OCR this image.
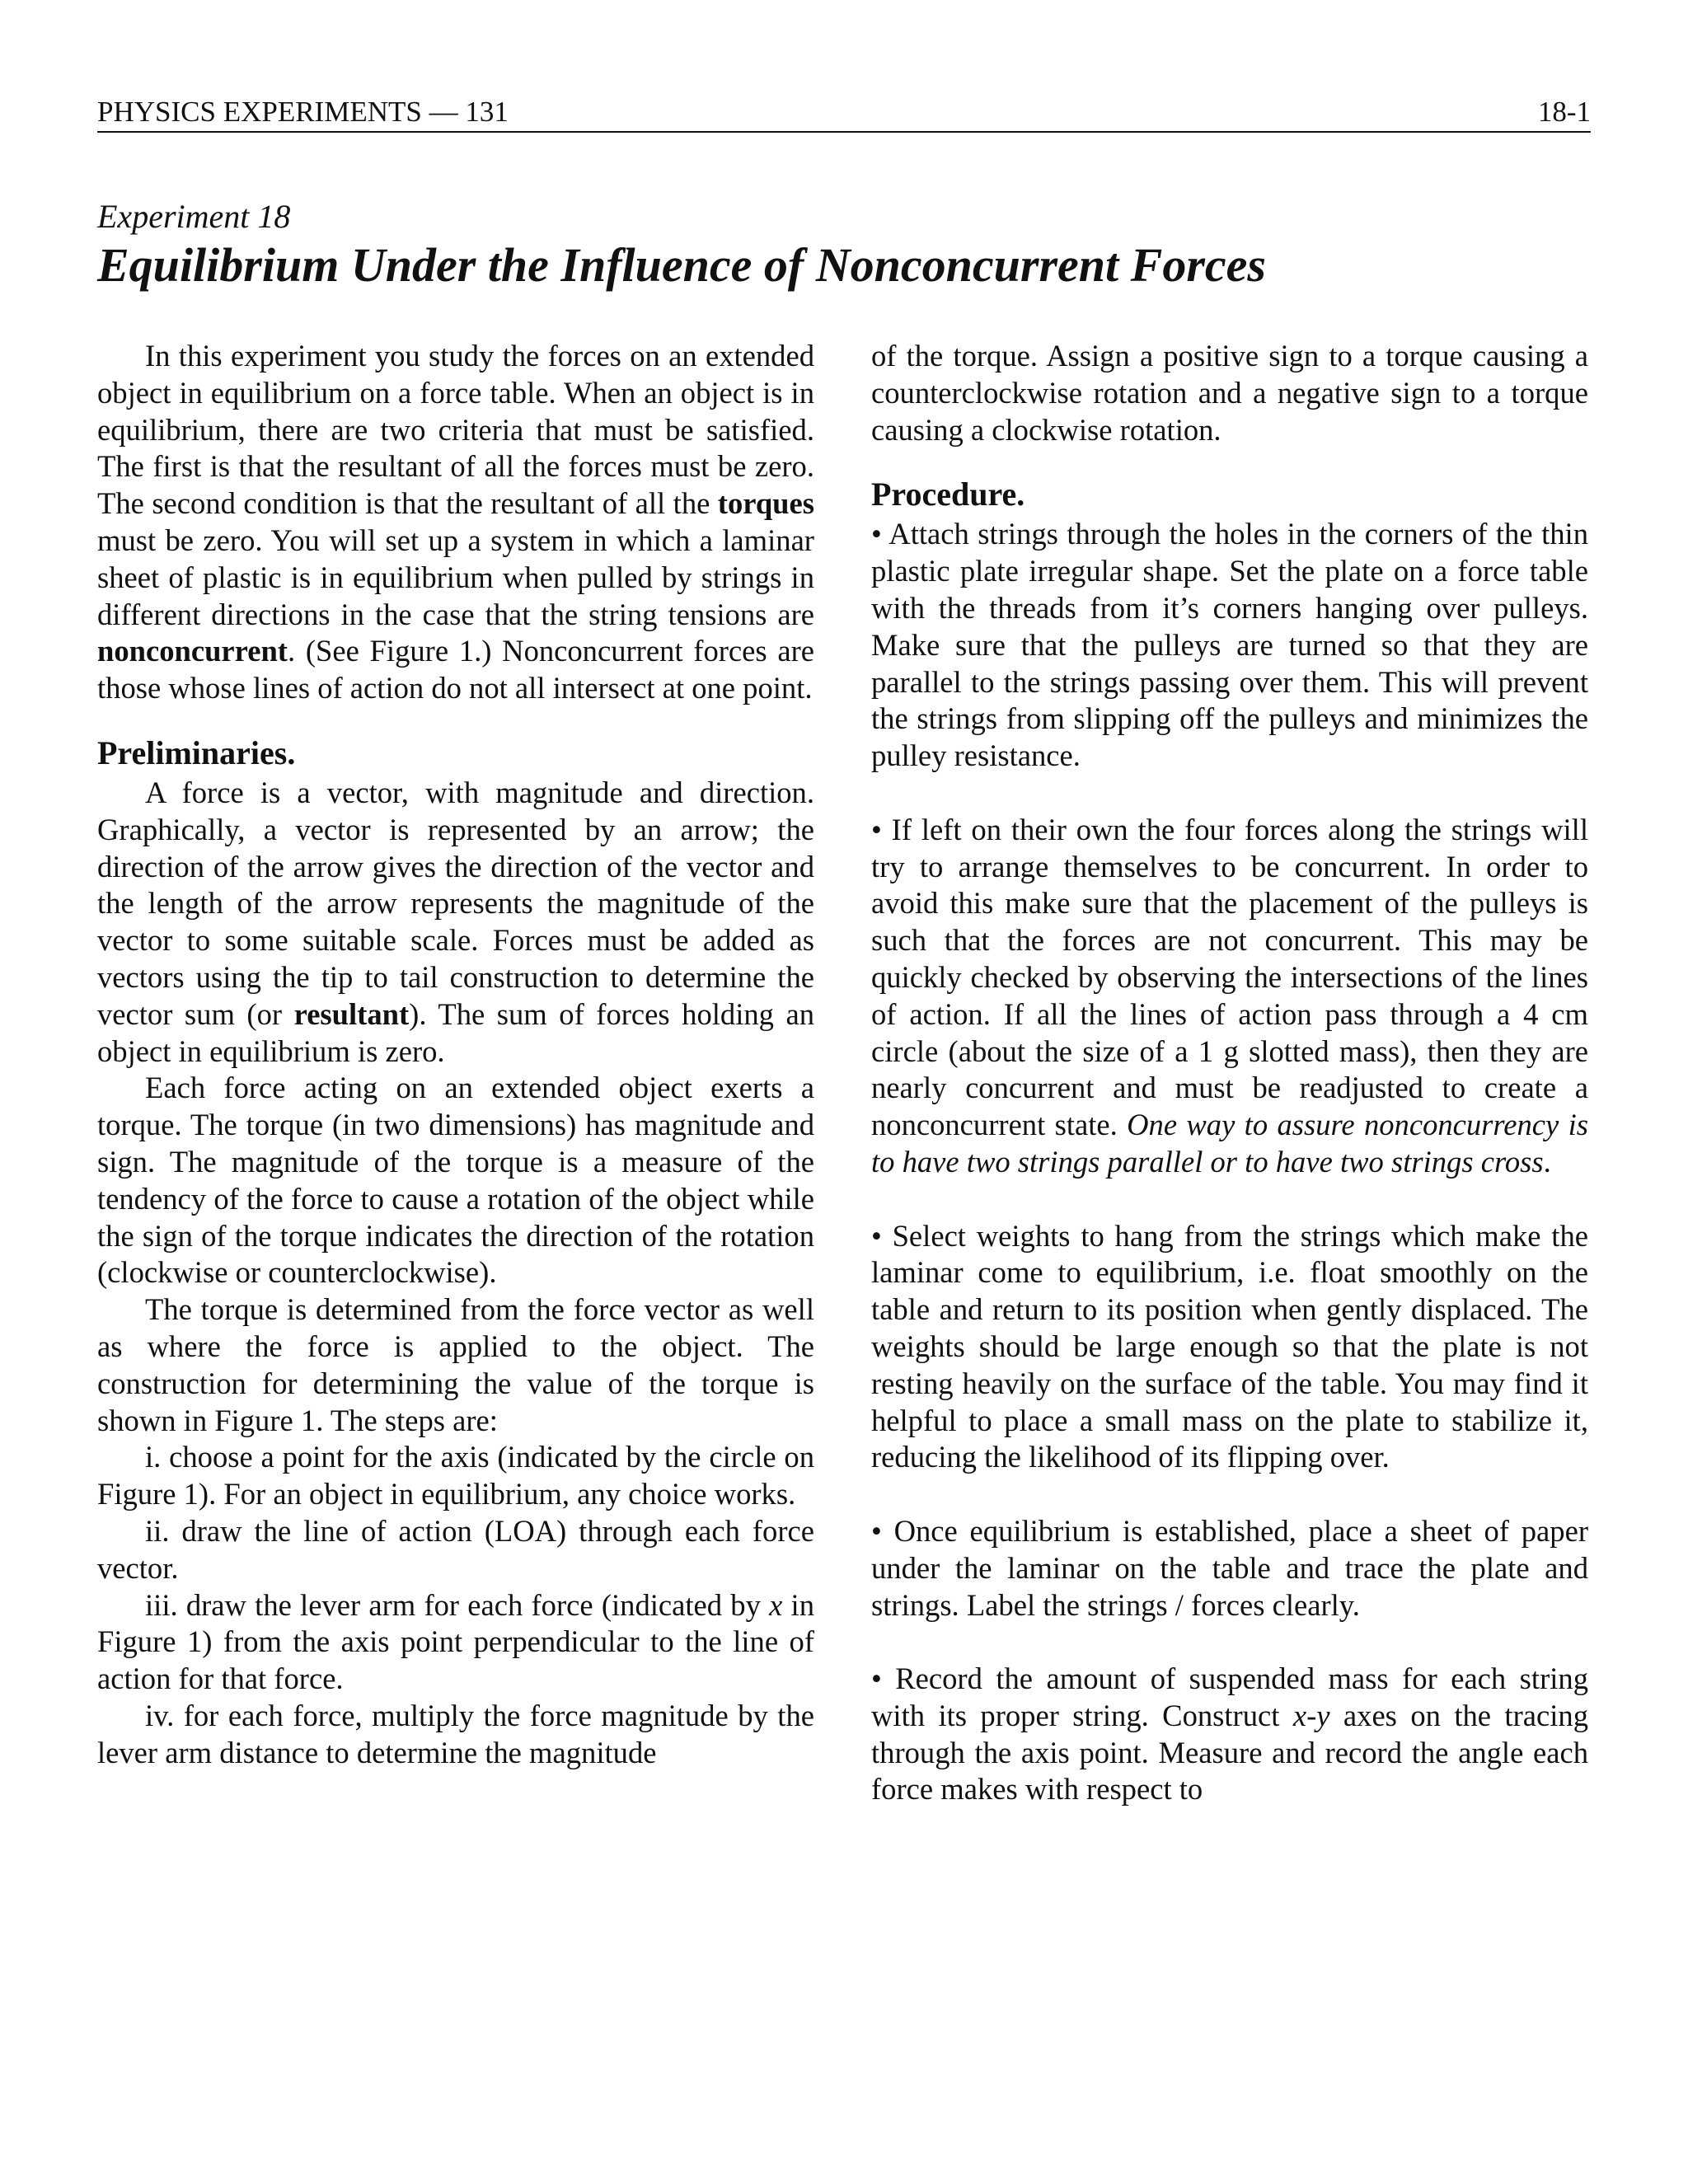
PHYSICS EXPERIMENTS — 131	18-1
Experiment 18
Equilibrium Under the Influence of Nonconcurrent Forces

In this experiment you study the forces on an extended object in equilibrium on a force table. When an object is in equilibrium, there are two criteria that must be satisfied. The first is that the resultant of all the forces must be zero. The second condition is that the resultant of all the torques must be zero. You will set up a system in which a laminar sheet of plastic is in equilibrium when pulled by strings in different directions in the case that the string tensions are nonconcurrent. (See Figure 1.) Nonconcurrent forces are those whose lines of action do not all intersect at one point.

Preliminaries.

A force is a vector, with magnitude and direction. Graphically, a vector is represented by an arrow; the direction of the arrow gives the direction of the vector and the length of the arrow represents the magnitude of the vector to some suitable scale. Forces must be added as vectors using the tip to tail construction to determine the vector sum (or resultant). The sum of forces holding an object in equilibrium is zero.

Each force acting on an extended object exerts a torque. The torque (in two dimensions) has magnitude and sign. The magnitude of the torque is a measure of the tendency of the force to cause a rotation of the object while the sign of the torque indicates the direction of the rotation (clockwise or counterclockwise).

The torque is determined from the force vector as well as where the force is applied to the object. The construction for determining the value of the torque is shown in Figure 1. The steps are:

i. choose a point for the axis (indicated by the circle on Figure 1). For an object in equilibrium, any choice works.

ii. draw the line of action (LOA) through each force vector.

iii. draw the lever arm for each force (indicated by x in Figure 1) from the axis point perpendicular to the line of action for that force.

iv. for each force, multiply the force magnitude by the lever arm distance to determine the magnitude

of the torque. Assign a positive sign to a torque causing a counterclockwise rotation and a negative sign to a torque causing a clockwise rotation.

Procedure.

• Attach strings through the holes in the corners of the thin plastic plate irregular shape. Set the plate on a force table with the threads from it’s corners hanging over pulleys. Make sure that the pulleys are turned so that they are parallel to the strings passing over them. This will prevent the strings from slipping off the pulleys and minimizes the pulley resistance.

• If left on their own the four forces along the strings will try to arrange themselves to be concurrent. In order to avoid this make sure that the placement of the pulleys is such that the forces are not concurrent. This may be quickly checked by observing the intersections of the lines of action. If all the lines of action pass through a 4 cm circle (about the size of a 1 g slotted mass), then they are nearly concurrent and must be readjusted to create a nonconcurrent state. One way to assure nonconcurrency is to have two strings parallel or to have two strings cross.

• Select weights to hang from the strings which make the laminar come to equilibrium, i.e. float smoothly on the table and return to its position when gently displaced. The weights should be large enough so that the plate is not resting heavily on the surface of the table. You may find it helpful to place a small mass on the plate to stabilize it, reducing the likelihood of its flipping over.

• Once equilibrium is established, place a sheet of paper under the laminar on the table and trace the plate and strings. Label the strings / forces clearly.

• Record the amount of suspended mass for each string with its proper string. Construct x-y axes on the tracing through the axis point. Measure and record the angle each force makes with respect to
